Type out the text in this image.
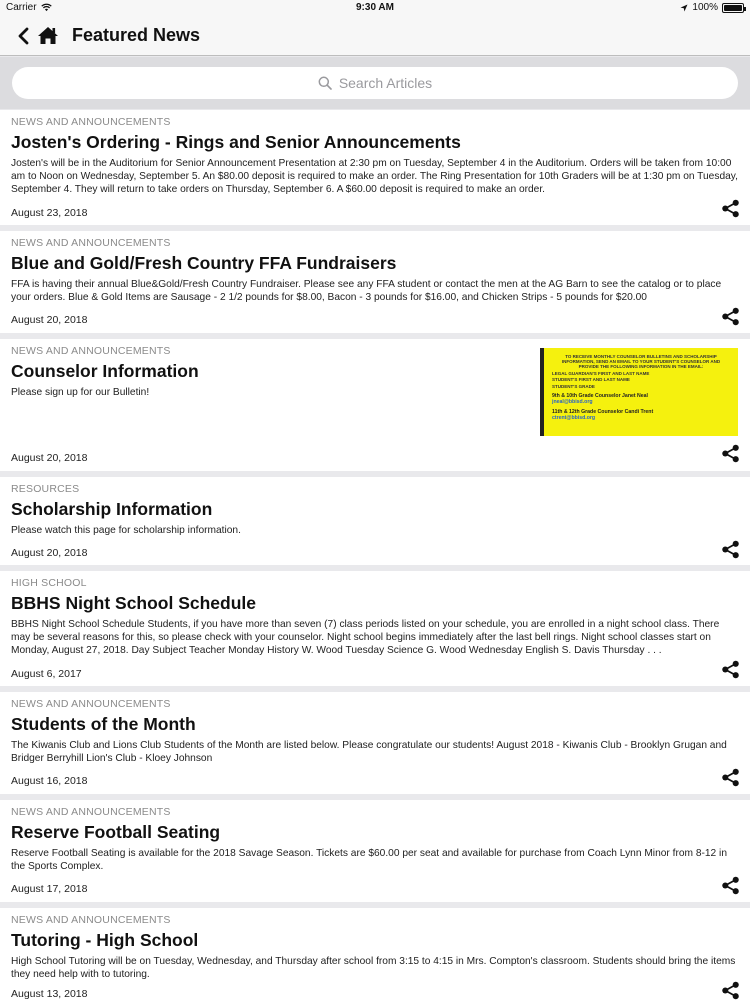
Carrier	9:30 AM	100%
Featured News
Search Articles
NEWS AND ANNOUNCEMENTS
Josten's Ordering - Rings and Senior Announcements
Josten's will be in the Auditorium for Senior Announcement Presentation at 2:30 pm on Tuesday, September 4 in the Auditorium. Orders will be taken from 10:00 am to Noon on Wednesday, September 5. An $80.00 deposit is required to make an order. The Ring Presentation for 10th Graders will be at 1:30 pm on Tuesday, September 4. They will return to take orders on Thursday, September 6. A $60.00 deposit is required to make an order.
August 23, 2018
NEWS AND ANNOUNCEMENTS
Blue and Gold/Fresh Country FFA Fundraisers
FFA is having their annual Blue&Gold/Fresh Country Fundraiser. Please see any FFA student or contact the men at the AG Barn to see the catalog or to place your orders. Blue & Gold Items are Sausage - 2 1/2 pounds for $8.00, Bacon - 3 pounds for $16.00, and Chicken Strips - 5 pounds for $20.00
August 20, 2018
NEWS AND ANNOUNCEMENTS
Counselor Information
Please sign up for our Bulletin!
TO RECEIVE MONTHLY COUNSELOR BULLETINS AND SCHOLARSHIP INFORMATION, SEND AN EMAIL TO YOUR STUDENT'S COUNSELOR AND PROVIDE THE FOLLOWING INFORMATION IN THE EMAIL:
LEGAL GUARDIAN'S FIRST AND LAST NAME
STUDENT'S FIRST AND LAST NAME
STUDENT'S GRADE
9th & 10th Grade Counselor Janet Neal
jneal@bbisd.org
11th & 12th Grade Counselor Candi Trent
ctrent@bbisd.org
August 20, 2018
RESOURCES
Scholarship Information
Please watch this page for scholarship information.
August 20, 2018
HIGH SCHOOL
BBHS Night School Schedule
BBHS Night School Schedule Students, if you have more than seven (7) class periods listed on your schedule, you are enrolled in a night school class. There may be several reasons for this, so please check with your counselor. Night school begins immediately after the last bell rings. Night school classes start on Monday, August 27, 2018. Day Subject Teacher Monday History W. Wood Tuesday Science G. Wood Wednesday English S. Davis Thursday . . .
August 6, 2017
NEWS AND ANNOUNCEMENTS
Students of the Month
The Kiwanis Club and Lions Club Students of the Month are listed below. Please congratulate our students! August 2018 - Kiwanis Club - Brooklyn Grugan and Bridger Berryhill Lion's Club - Kloey Johnson
August 16, 2018
NEWS AND ANNOUNCEMENTS
Reserve Football Seating
Reserve Football Seating is available for the 2018 Savage Season. Tickets are $60.00 per seat and available for purchase from Coach Lynn Minor from 8-12 in the Sports Complex.
August 17, 2018
NEWS AND ANNOUNCEMENTS
Tutoring - High School
High School Tutoring will be on Tuesday, Wednesday, and Thursday after school from 3:15 to 4:15 in Mrs. Compton's classroom. Students should bring the items they need help with to tutoring.
August 13, 2018
